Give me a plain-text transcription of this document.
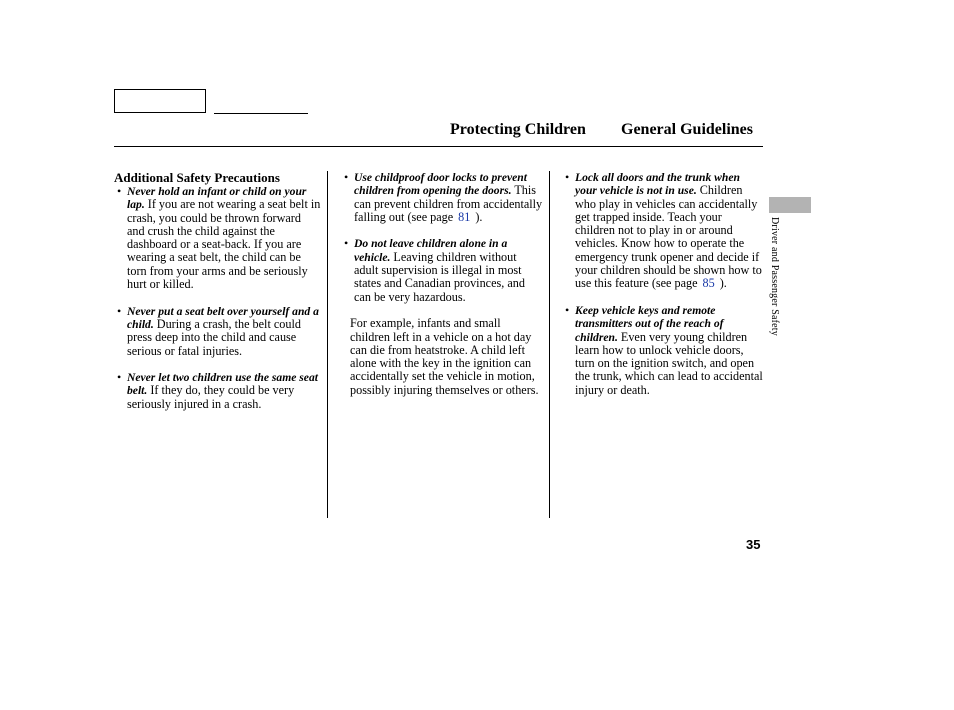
Protecting Children General Guidelines
Additional Safety Precautions
• Never hold an infant or child on your lap. If you are not wearing a seat belt in crash, you could be thrown forward and crush the child against the dashboard or a seat-back. If you are wearing a seat belt, the child can be torn from your arms and be seriously hurt or killed.
• Never put a seat belt over yourself and a child. During a crash, the belt could press deep into the child and cause serious or fatal injuries.
• Never let two children use the same seat belt. If they do, they could be very seriously injured in a crash.
• Use childproof door locks to prevent children from opening the doors. This can prevent children from accidentally falling out (see page 81 ).
• Do not leave children alone in a vehicle. Leaving children without adult supervision is illegal in most states and Canadian provinces, and can be very hazardous.
For example, infants and small children left in a vehicle on a hot day can die from heatstroke. A child left alone with the key in the ignition can accidentally set the vehicle in motion, possibly injuring themselves or others.
• Lock all doors and the trunk when your vehicle is not in use. Children who play in vehicles can accidentally get trapped inside. Teach your children not to play in or around vehicles. Know how to operate the emergency trunk opener and decide if your children should be shown how to use this feature (see page 85 ).
• Keep vehicle keys and remote transmitters out of the reach of children. Even very young children learn how to unlock vehicle doors, turn on the ignition switch, and open the trunk, which can lead to accidental injury or death.
Driver and Passenger Safety
35
